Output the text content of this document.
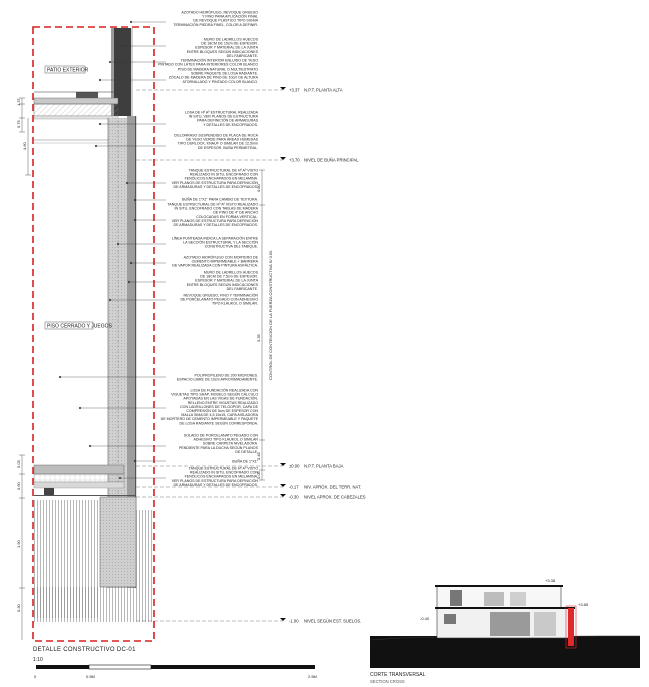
PATIO EXTERIOR
PISO CERRADO Y JUEGOS
1.37
0.75
4.60
5.03
0.60
1.90
0.30
AZOTADO HIDRÓFUGO, REVOQUE GRUESO
Y FINO PARA APLICACIÓN FINAL
DE REVOQUE PLÁSTICO TIPO SIGMA
TERMINACIÓN PIEDRA FINEL, COLOR A DEFINIR.
MURO DE LADRILLOS HUECOS
DE 18CM DE 15cm DE ESPESOR.
ESPESOR Y MATERIAL DE LA JUNTA
ENTRE BLOQUES SEGÚN INDICACIONES
DEL FABRICANTE.
TERMINACIÓN INTERIOR ENLUIDO DE YESO
PINTADO CON LÁTEX PARA INTERIORES COLOR BLANCO
PISO DE MADERA NATURAL O MULTIESTRATO
SOBRE PAQUETE DE LOSA RADIANTE.
ZÓCALO DE MADERA DE PINO DE 10cm DE ALTURA
ATORNILLADO Y PINTADO COLOR BLANCO.
LOSA DE Hº Aº ESTRUCTURAL REALIZADA
IN SITU, VER PLANOS DE ESTRUCTURA
PARA DEFINICIÓN DE ARMADURAS
Y DETALLES DE ENCOFRADOS.
CIELORRASO SUSPENDIDO DE PLACA DE ROCA
DE YESO VERDE PARA ÁREAS HÚMEDAS
TIPO DURLOCK, KNAUF O SIMILAR DE 12,5mm
DE ESPESOR. BUÑA PERIMETRAL.
TANQUE ESTRUCTURAL DE Hº Aº VISTO
REALIZADO IN SITU, ENCOFRADO CON
FENÓLICOS ENCHAPADOS EN MELAMINA.
VER PLANOS DE ESTRUCTURA PARA DEFINICIÓN
DE ARMADURAS Y DETALLES DE ENCOFRADOS.
BUÑA DE 1"X1" PARA CAMBIO DE TEXTURA.
TANQUE ESTRUCTURAL DE Hº Aº VISTO REALIZADO
IN SITU, ENCOFRADO CON TABLAS DE MADERA
DE PINO DE 4" DE ANCHO
COLOCADAS EN FORMA VERTICAL.
VER PLANOS DE ESTRUCTURA PARA DEFINICIÓN
DE ARMADURAS Y DETALLES DE ENCOFRADOS.
LÍNEA PUNTEADA INDICA LA SEPARACIÓN ENTRE
LA SECCIÓN ESTRUCTURAL Y LA SECCIÓN
CONSTRUCTIVA DEL TABIQUE.
AZOTADO HIDRÓFUGO CON MORTERO DE
CEMENTO IMPERMEABLE + BARRERA
DE VAPOR REALIZADA CON PINTURA ASFÁLTICA.
MURO DE LADRILLOS HUECOS
DE 18CM DE 7,5cm DE ESPESOR.
ESPESOR Y MATERIAL DE LA JUNTA
ENTRE BLOQUES SEGÚN INDICACIONES
DEL FABRICANTE.
REVOQUE GRUESO, FINO Y TERMINACIÓN
DE PORCELANATO PEGADO CON ADHESIVO
TIPO KLAUKOL O SIMILAR.
POLIPROPILENO DE 200 MICRONES.
ESPACIO LIBRE DE 10cm APROXIMADAMENTE.
LOSA DE FUNDACIÓN REALIZADA CON
VIGUETAS TIPO SHAP, MODELO SEGÚN CÁLCULO
APOYADAS EN LAS VIGAS DE FUNDACIÓN.
RELLENO ENTRE VIGUETAS REALIZADO
CON LADRILLONES DE TELGOPOR, CAPA DE
COMPRESIÓN DE 5cm DE ESPESOR CON
MALLA SIMA DE 4,5 15x15, CAPA AISLADORA
DE MORTERO DE CEMENTO IMPERMEABLE Y PAQUETE
DE LOSA RADIANTE SEGÚN CORRESPONDA.
SOLADO DE PORCELANATO PEGADO CON
ADHESIVO TIPO KLAUKOL O SIMILAR
SOBRE CARPETA NIVELADORA.
PENDIENTE PARA LA DUCHA SEGÚN PLANOS
DE DETALLE.
BUÑA DE 1"X1"
TANQUE ESTRUCTURAL DE Hº Aº VISTO
REALIZADO IN SITU, ENCOFRADO CON
FENÓLICOS ENCHAPADOS EN MELAMINA.
VER PLANOS DE ESTRUCTURA PARA DEFINICIÓN
DE ARMADURAS Y DETALLES DE ENCOFRADOS.
0.80
CONTROL DE CONTENCIÓN DE LA FUERZA CONSTRUCTIVA S/ 0.50
3.35
0.45
0.05
+3.37 N.P.T. PLANTA ALTA
+3.70 NIVEL DE BUÑA PRINCIPAL
±0.00 N.P.T. PLANTA BAJA
-0.17 NIV. APROX. DEL TERR. NAT.
-0.30 NIVEL APROX. DE CABEZALES
-1.00 NIVEL SEGÚN EST. SUELOS.
DETALLE CONSTRUCTIVO DC-01
1:10
0	0.5M	2.5M
+3.38
-0.40
+3.85
CORTE TRANSVERSAL
SECTION CROSS
